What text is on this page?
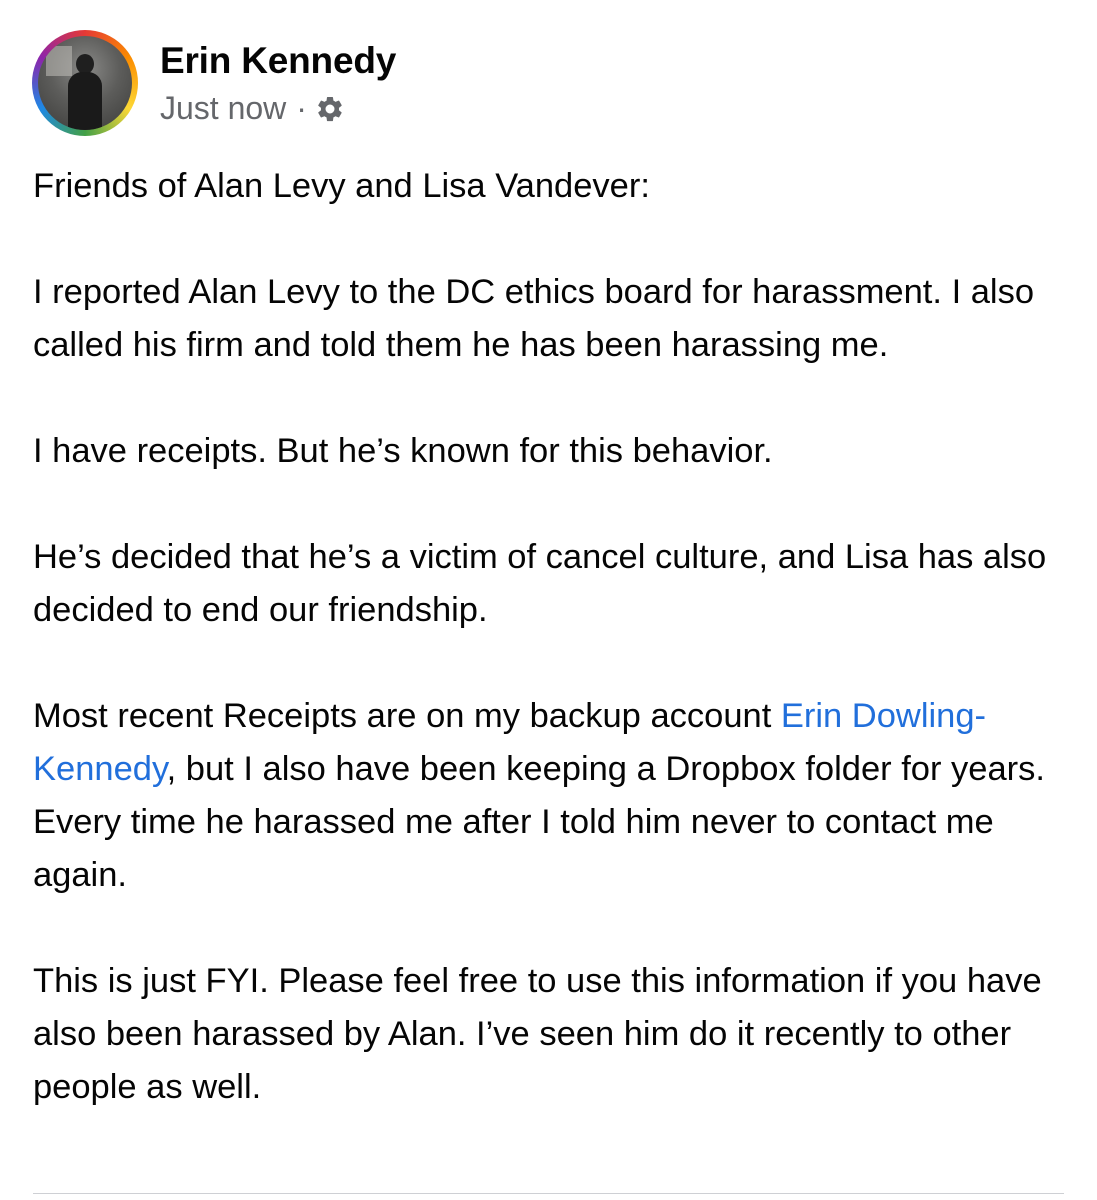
Erin Kennedy
Just now ·

Friends of Alan Levy and Lisa Vandever:

I reported Alan Levy to the DC ethics board for harassment. I also called his firm and told them he has been harassing me.

I have receipts. But he’s known for this behavior.

He’s decided that he’s a victim of cancel culture, and Lisa has also decided to end our friendship.

Most recent Receipts are on my backup account Erin Dowling-Kennedy, but I also have been keeping a Dropbox folder for years. Every time he harassed me after I told him never to contact me again.

This is just FYI. Please feel free to use this information if you have also been harassed by Alan. I’ve seen him do it recently to other people as well.
